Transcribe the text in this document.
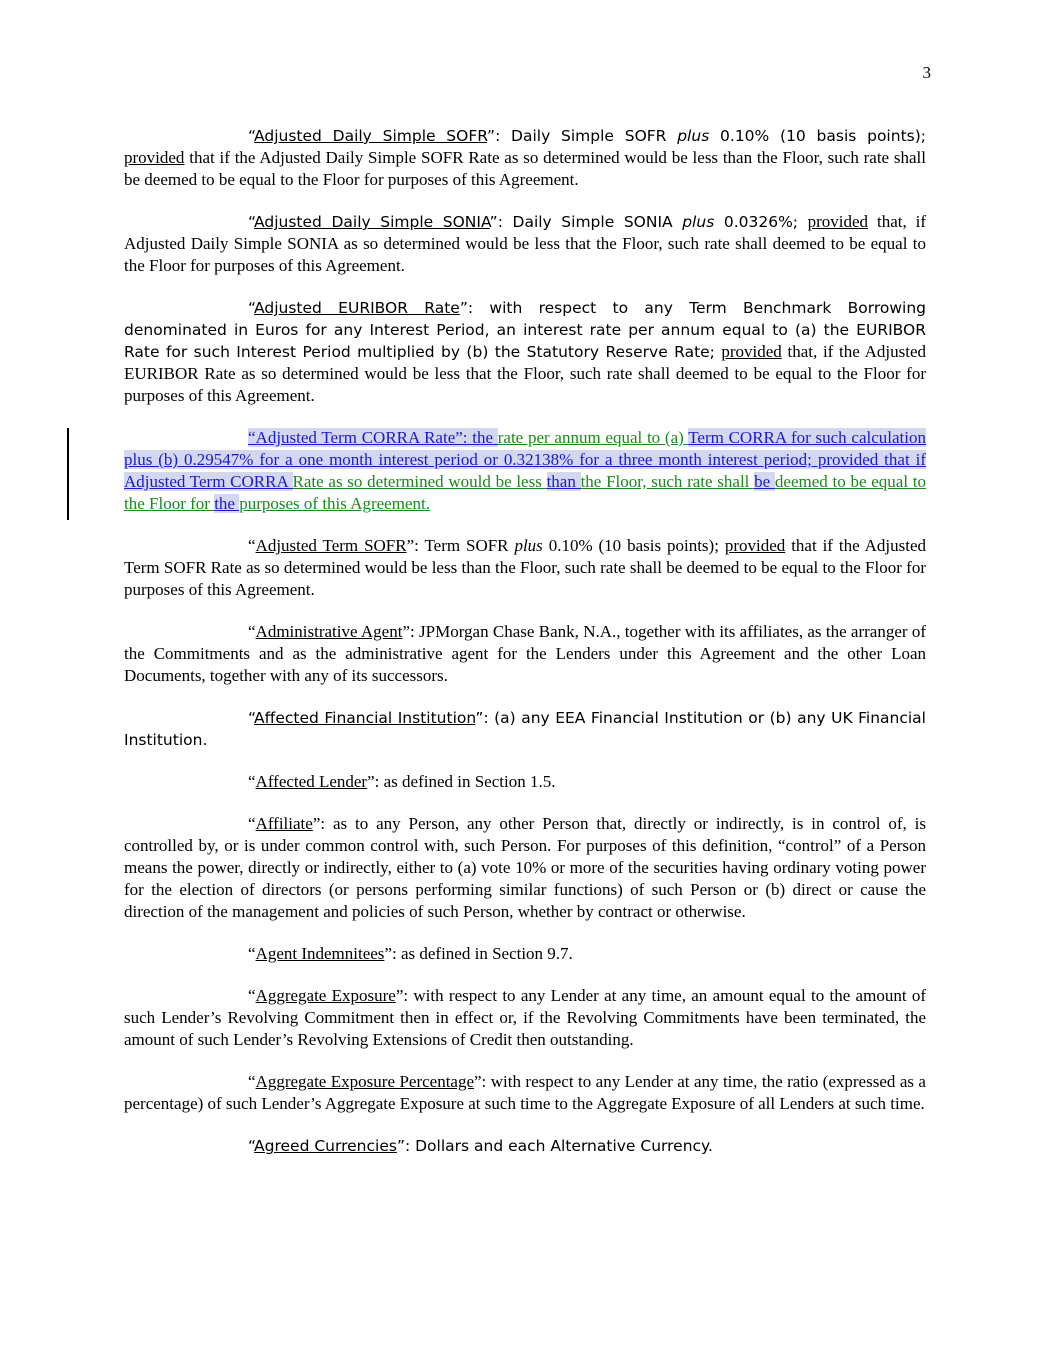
3

“Adjusted Daily Simple SOFR”: Daily Simple SOFR plus 0.10% (10 basis points); provided that if the Adjusted Daily Simple SOFR Rate as so determined would be less than the Floor, such rate shall be deemed to be equal to the Floor for purposes of this Agreement.

“Adjusted Daily Simple SONIA”: Daily Simple SONIA plus 0.0326%; provided that, if Adjusted Daily Simple SONIA as so determined would be less that the Floor, such rate shall deemed to be equal to the Floor for purposes of this Agreement.

“Adjusted EURIBOR Rate”: with respect to any Term Benchmark Borrowing denominated in Euros for any Interest Period, an interest rate per annum equal to (a) the EURIBOR Rate for such Interest Period multiplied by (b) the Statutory Reserve Rate; provided that, if the Adjusted EURIBOR Rate as so determined would be less that the Floor, such rate shall deemed to be equal to the Floor for purposes of this Agreement.

“Adjusted Term CORRA Rate”: the rate per annum equal to (a) Term CORRA for such calculation plus (b) 0.29547% for a one month interest period or 0.32138% for a three month interest period; provided that if Adjusted Term CORRA Rate as so determined would be less than the Floor, such rate shall be deemed to be equal to the Floor for the purposes of this Agreement.

“Adjusted Term SOFR”: Term SOFR plus 0.10% (10 basis points); provided that if the Adjusted Term SOFR Rate as so determined would be less than the Floor, such rate shall be deemed to be equal to the Floor for purposes of this Agreement.

“Administrative Agent”: JPMorgan Chase Bank, N.A., together with its affiliates, as the arranger of the Commitments and as the administrative agent for the Lenders under this Agreement and the other Loan Documents, together with any of its successors.

“Affected Financial Institution”: (a) any EEA Financial Institution or (b) any UK Financial Institution.

“Affected Lender”: as defined in Section 1.5.

“Affiliate”: as to any Person, any other Person that, directly or indirectly, is in control of, is controlled by, or is under common control with, such Person. For purposes of this definition, “control” of a Person means the power, directly or indirectly, either to (a) vote 10% or more of the securities having ordinary voting power for the election of directors (or persons performing similar functions) of such Person or (b) direct or cause the direction of the management and policies of such Person, whether by contract or otherwise.

“Agent Indemnitees”: as defined in Section 9.7.

“Aggregate Exposure”: with respect to any Lender at any time, an amount equal to the amount of such Lender’s Revolving Commitment then in effect or, if the Revolving Commitments have been terminated, the amount of such Lender’s Revolving Extensions of Credit then outstanding.

“Aggregate Exposure Percentage”: with respect to any Lender at any time, the ratio (expressed as a percentage) of such Lender’s Aggregate Exposure at such time to the Aggregate Exposure of all Lenders at such time.

“Agreed Currencies”: Dollars and each Alternative Currency.
